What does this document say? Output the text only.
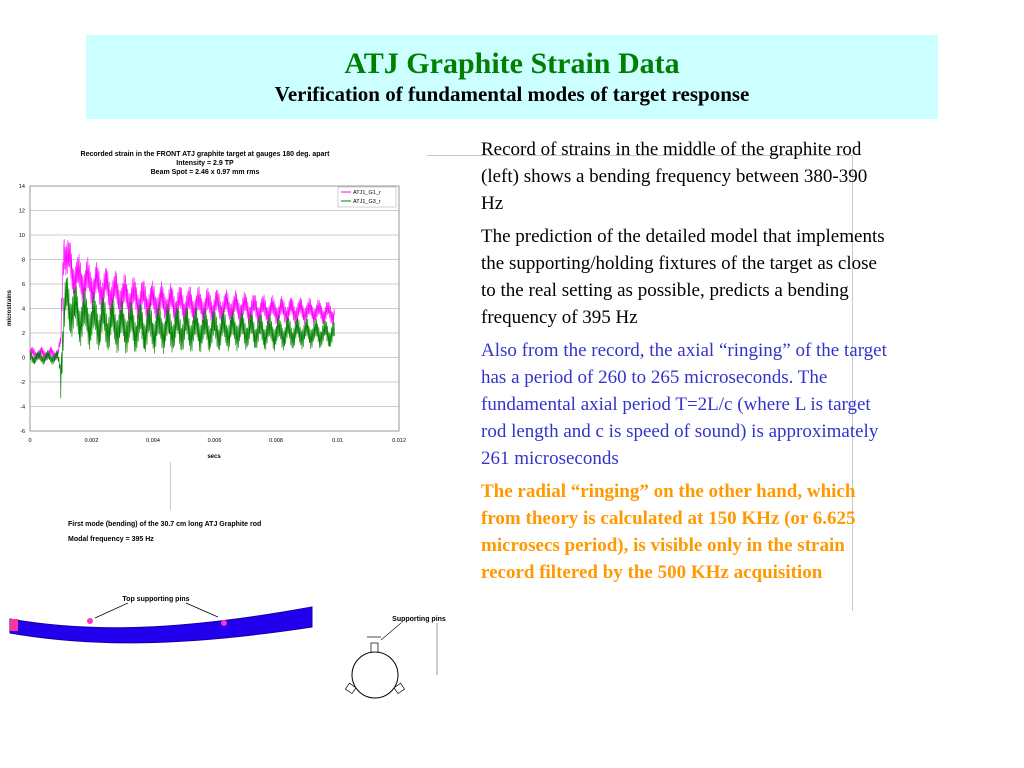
ATJ Graphite Strain Data
Verification of fundamental modes of target response
Recorded strain in the FRONT ATJ graphite target at gauges 180 deg. apart
Intensity = 2.9 TP
Beam Spot = 2.46 x 0.97 mm rms
14
12
10
8
6
4
2
0
-2
-4
-6
0	0.002	0.004	0.006	0.008	0.01	0.012
microstrains
secs
ATJ1_G1_r
ATJ1_G3_r
First mode (bending) of the 30.7 cm long ATJ Graphite rod
Modal frequency = 395 Hz
Top supporting pins
Supporting pins

Record of strains in the middle of the graphite rod (left) shows a bending frequency between 380-390 Hz

The prediction of the detailed model that implements the supporting/holding fixtures of the target as close to the real setting as possible, predicts a bending frequency of 395 Hz

Also from the record, the axial “ringing” of the target has a period of 260 to 265 microseconds. The fundamental axial period T=2L/c (where L is target rod length and c is speed of sound) is approximately 261 microseconds

The radial “ringing” on the other hand, which from theory is calculated at 150 KHz (or 6.625 microsecs period), is visible only in the strain record filtered by the 500 KHz acquisition
